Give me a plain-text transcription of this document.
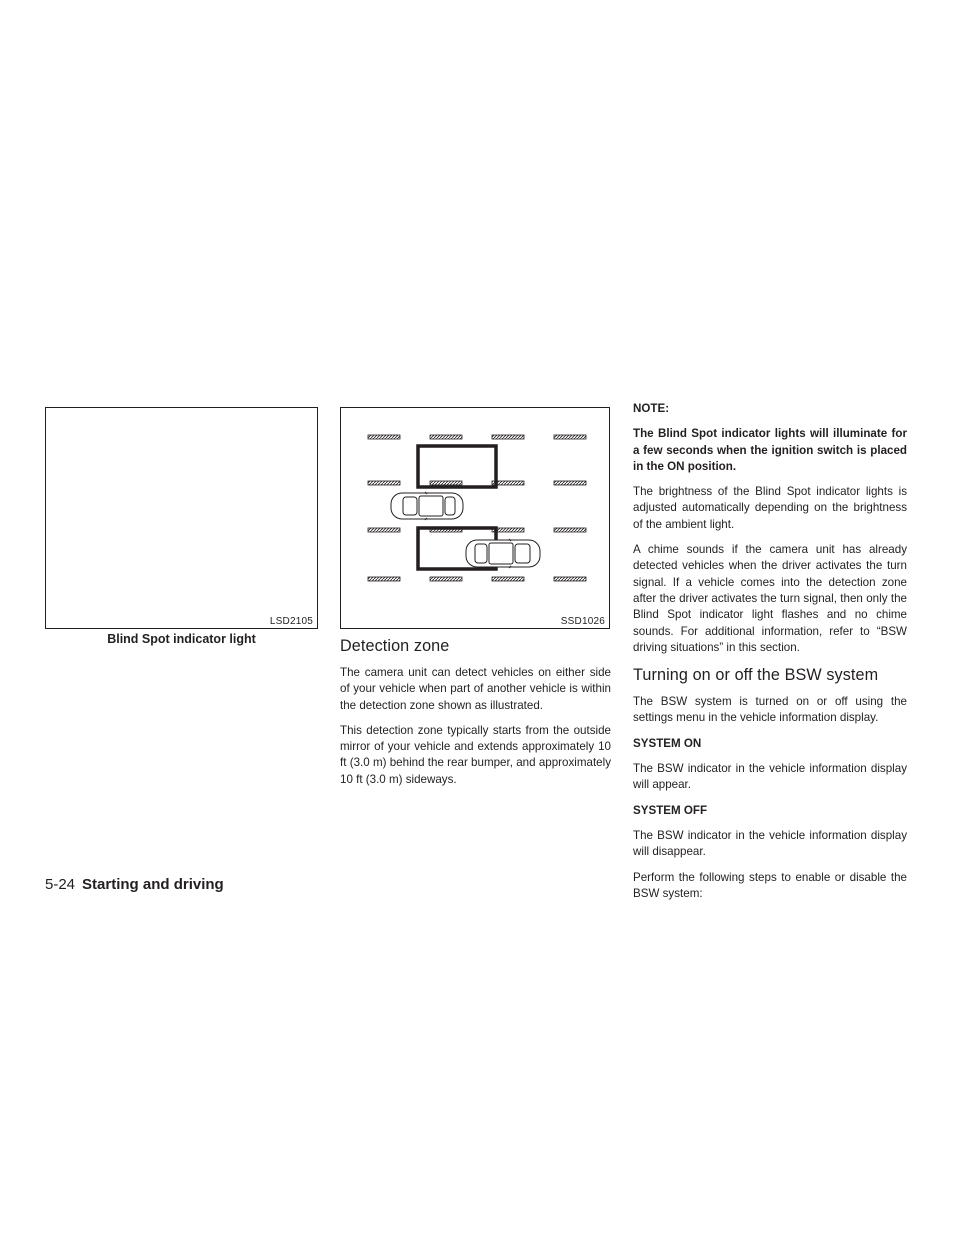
LSD2105
Blind Spot indicator light
SSD1026
Detection zone

The camera unit can detect vehicles on either side of your vehicle when part of another vehicle is within the detection zone shown as illustrated.

This detection zone typically starts from the outside mirror of your vehicle and extends approximately 10 ft (3.0 m) behind the rear bumper, and approximately 10 ft (3.0 m) sideways.

NOTE:

The Blind Spot indicator lights will illuminate for a few seconds when the ignition switch is placed in the ON position.

The brightness of the Blind Spot indicator lights is adjusted automatically depending on the brightness of the ambient light.

A chime sounds if the camera unit has already detected vehicles when the driver activates the turn signal. If a vehicle comes into the detection zone after the driver activates the turn signal, then only the Blind Spot indicator light flashes and no chime sounds. For additional information, refer to “BSW driving situations” in this section.

Turning on or off the BSW system

The BSW system is turned on or off using the settings menu in the vehicle information display.

SYSTEM ON

The BSW indicator in the vehicle information display will appear.

SYSTEM OFF

The BSW indicator in the vehicle information display will disappear.

Perform the following steps to enable or disable the BSW system:

5-24 Starting and driving
